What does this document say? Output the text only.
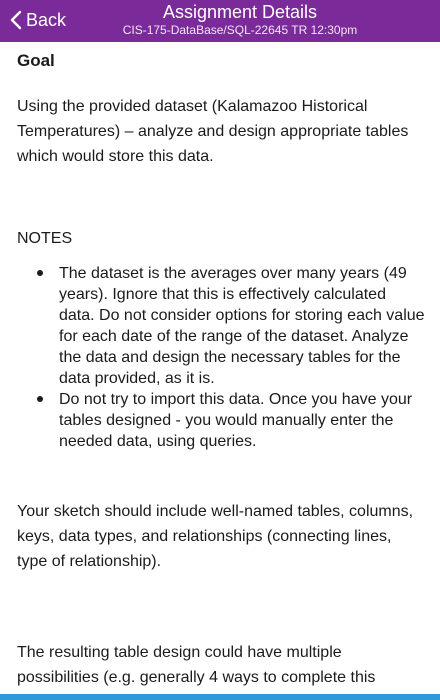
Back	Assignment Details
CIS-175-DataBase/SQL-22645 TR 12:30pm
Goal

Using the provided dataset (Kalamazoo Historical Temperatures) – analyze and design appropriate tables which would store this data.

NOTES
The dataset is the averages over many years (49 years). Ignore that this is effectively calculated data. Do not consider options for storing each value for each date of the range of the dataset. Analyze the data and design the necessary tables for the data provided, as it is.
Do not try to import this data. Once you have your tables designed - you would manually enter the needed data, using queries.

Your sketch should include well-named tables, columns, keys, data types, and relationships (connecting lines, type of relationship).

The resulting table design could have multiple possibilities (e.g. generally 4 ways to complete this
